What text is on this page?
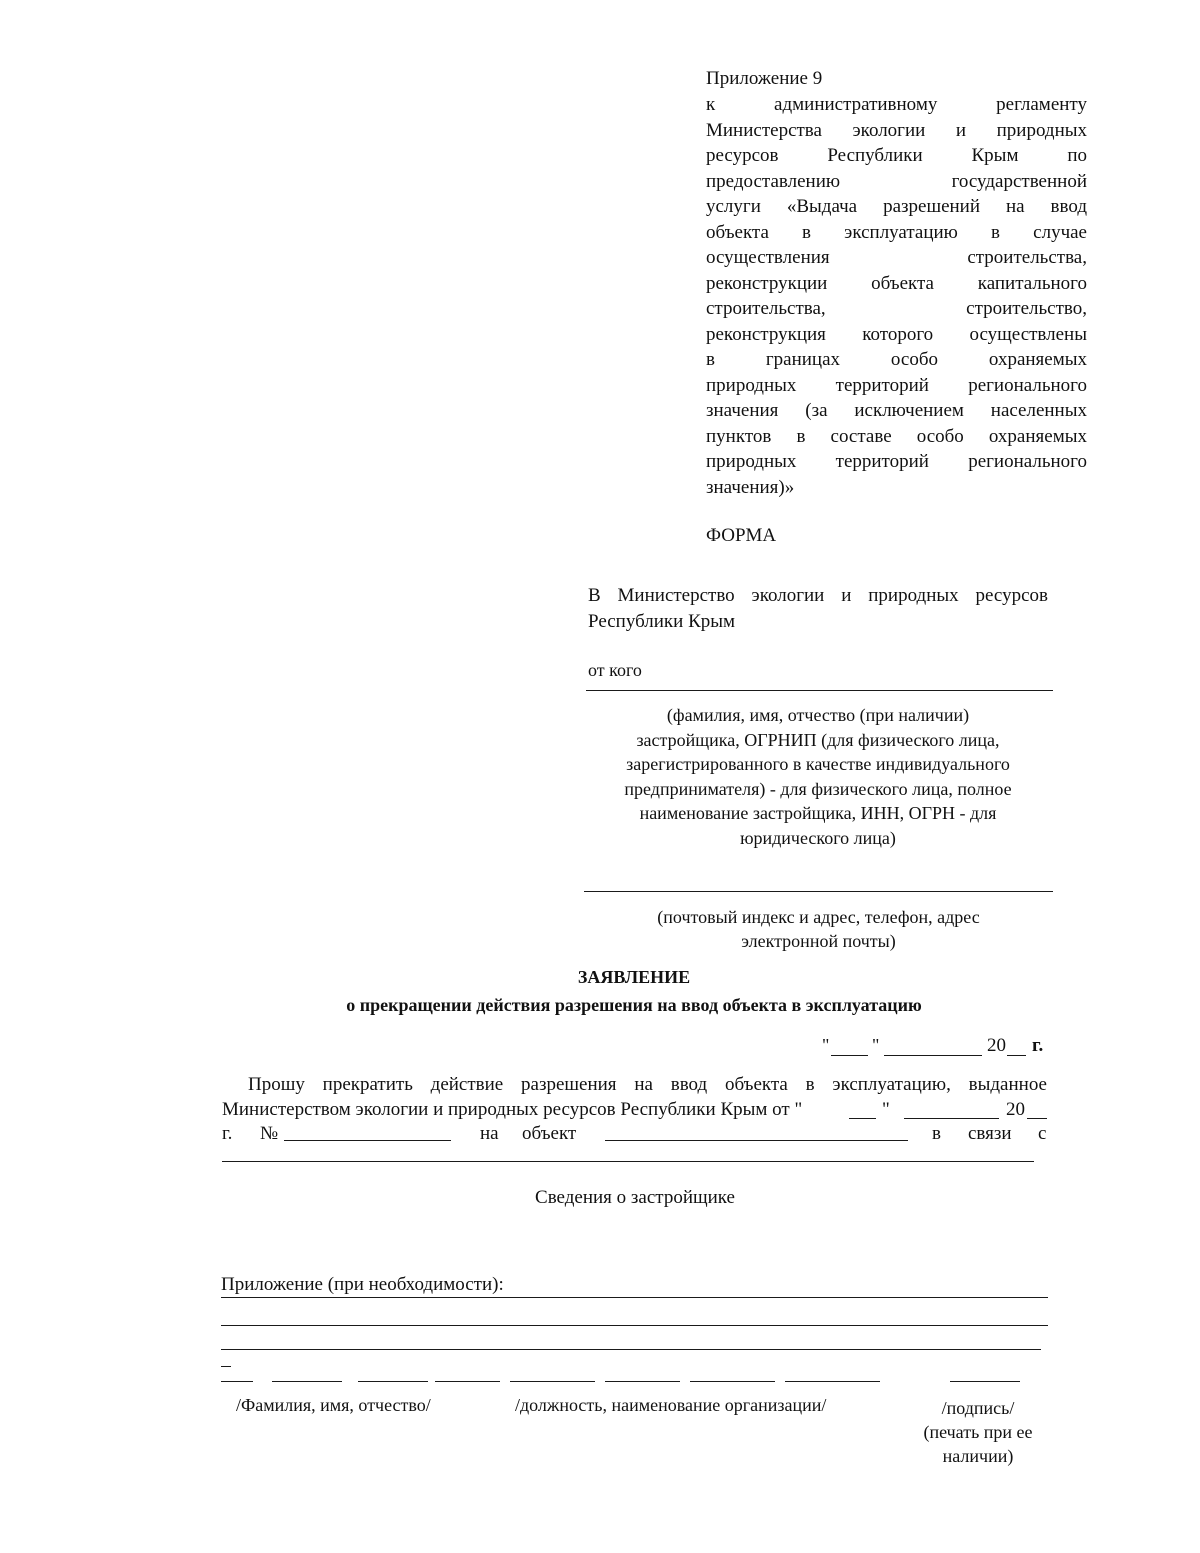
Приложение 9
к административному регламенту
Министерства экологии и природных
ресурсов Республики Крым по
предоставлению государственной
услуги «Выдача разрешений на ввод
объекта в эксплуатацию в случае
осуществления строительства,
реконструкции объекта капитального
строительства, строительство,
реконструкция которого осуществлены
в границах особо охраняемых
природных территорий регионального
значения (за исключением населенных
пунктов в составе особо охраняемых
природных территорий регионального
значения)»
ФОРМА
В Министерство экологии и природных ресурсов
Республики Крым
от кого
(фамилия, имя, отчество (при наличии)
застройщика, ОГРНИП (для физического лица,
зарегистрированного в качестве индивидуального
предпринимателя) - для физического лица, полное
наименование застройщика, ИНН, ОГРН - для
юридического лица)
(почтовый индекс и адрес, телефон, адрес
электронной почты)
ЗАЯВЛЕНИЕ
о прекращении действия разрешения на ввод объекта в эксплуатацию
" "	20 г.
Прошу прекратить действие разрешения на ввод объекта в эксплуатацию, выданное
Министерством экологии и природных ресурсов Республики Крым от "	"	20
г. №	на объект	в связи с
Сведения о застройщике
Приложение (при необходимости):
/Фамилия, имя, отчество/	/должность, наименование организации/	/подпись/
(печать при ее
наличии)
